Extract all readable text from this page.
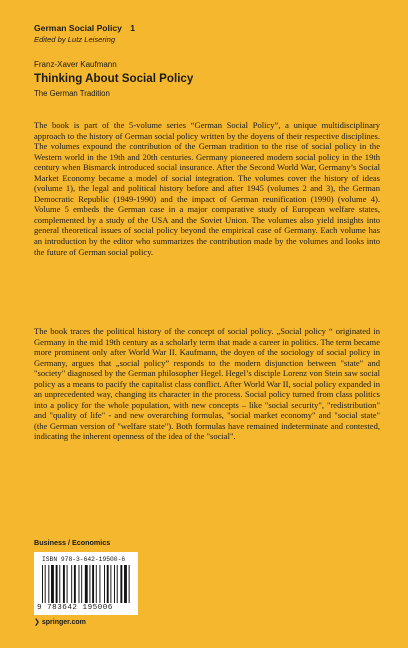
German Social Policy 1
Edited by Lutz Leisering
Franz-Xaver Kaufmann
Thinking About Social Policy
The German Tradition
The book is part of the 5-volume series “German Social Policy”, a unique multidisciplinary approach to the history of German social policy written by the doyens of their respective disciplines. The volumes expound the contribution of the German tradition to the rise of social policy in the Western world in the 19th and 20th centuries. Germany pioneered modern social policy in the 19th century when Bismarck introduced social insurance. After the Second World War, Germany’s Social Market Economy became a model of social integration. The volumes cover the history of ideas (volume 1), the legal and political history before and after 1945 (volumes 2 and 3), the German Democratic Republic (1949-1990) and the impact of German reunification (1990) (volume 4). Volume 5 embeds the German case in a major comparative study of European welfare states, complemented by a study of the USA and the Soviet Union. The volumes also yield insights into general theoretical issues of social policy beyond the empirical case of Germany. Each volume has an introduction by the editor who summarizes the contribution made by the volumes and looks into the future of German social policy.
The book traces the political history of the concept of social policy. „Social policy “ originated in Germany in the mid 19th century as a scholarly term that made a career in politics. The term became more prominent only after World War II. Kaufmann, the doyen of the sociology of social policy in Germany, argues that „social policy” responds to the modern disjunction between "state" and "society" diagnosed by the German philosopher Hegel. Hegel’s disciple Lorenz von Stein saw social policy as a means to pacify the capitalist class conflict. After World War II, social policy expanded in an unprecedented way, changing its character in the process. Social policy turned from class politics into a policy for the whole population, with new concepts – like "social security", "redistribution" and "quality of life" - and new overarching formulas, "social market economy" and "social state" (the German version of "welfare state"). Both formulas have remained indeterminate and contested, indicating the inherent openness of the idea of the "social".
Business / Economics
ISBN 978-3-642-19500-6
9 783642 195006
❯ springer.com
